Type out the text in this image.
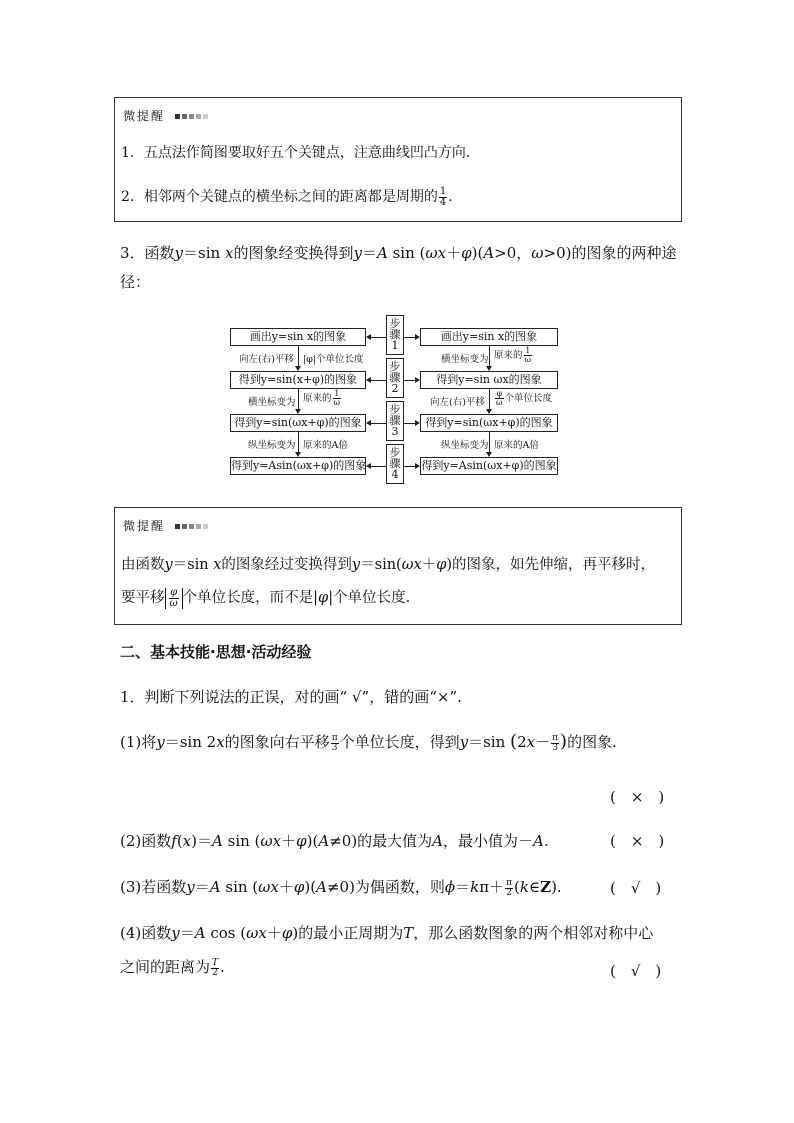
微提醒
1．五点法作简图要取好五个关键点，注意曲线凹凸方向.
2．相邻两个关键点的横坐标之间的距离都是周期的 $\frac{1}{4}$ .
3．函数y＝sin x的图象经变换得到y＝A sin (ωx＋φ)(A>0，ω>0)的图象的两种途
径：
画出y=sin x的图象
得到y=sin(x+φ)的图象
得到y=sin(ωx+φ)的图象
得到y=Asin(ωx+φ)的图象
画出y=sin x的图象
得到y=sin ωx的图象
得到y=sin(ωx+φ)的图象
得到y=Asin(ωx+φ)的图象
步
骤
1
步
骤
2
步
骤
3
步
骤
4
向左(右)平移 |φ|个单位长度
横坐标变为 原来的 $\frac{1}{\omega}$
纵坐标变为 原来的A倍
横坐标变为 原来的 $\frac{1}{\omega}$
向左(右)平移 $\frac{\varphi}{\omega}$ 个单位长度
纵坐标变为 原来的A倍
微提醒
由函数y＝sin x的图象经过变换得到y＝sin(ωx＋φ)的图象，如先伸缩，再平移时，
要平移 $\frac{\varphi}{\omega}$ 个单位长度，而不是|φ|个单位长度.
二、基本技能·思想·活动经验
1．判断下列说法的正误，对的画“ √”，错的画“×”.
(1)将y＝sin 2x的图象向右平移 $\frac{\pi}{3}$ 个单位长度，得到y＝sin ($2x- \frac{\pi}{3}$ )的图象.
(　×　)
(2)函数f(x)＝A sin (ωx＋φ)(A≠0)的最大值为A，最小值为－A.	(　×　)
(3)若函数y＝A sin (ωx＋φ)(A≠0)为偶函数，则$\phi=k\pi+ \frac{\pi}{2}$ (k∈Z).	(　√　)
(4)函数y＝A cos (ωx＋φ)的最小正周期为T，那么函数图象的两个相邻对称中心
之间的距离为 $\frac{T}{2}$ .	(　√　)
